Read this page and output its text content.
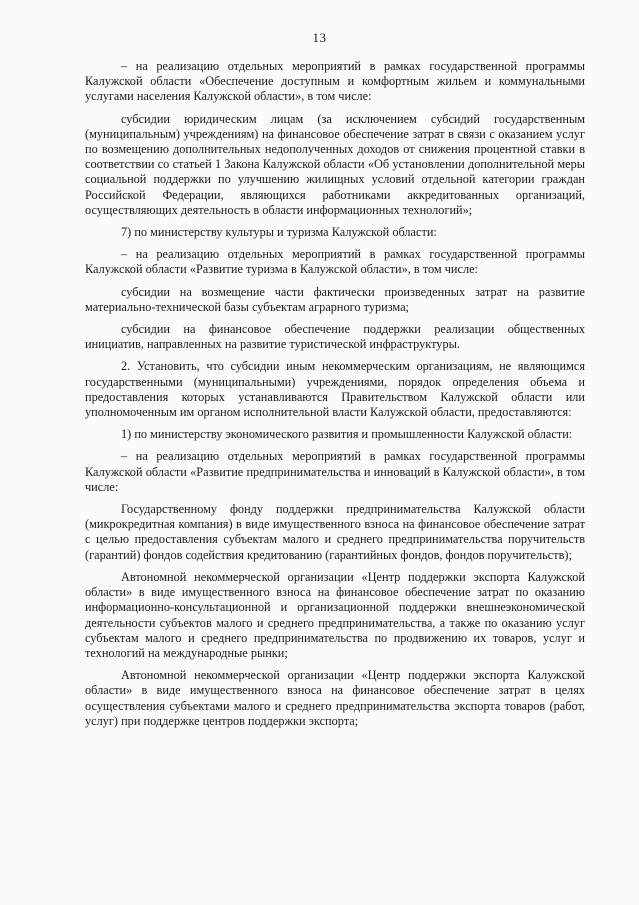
13

– на реализацию отдельных мероприятий в рамках государственной программы Калужской области «Обеспечение доступным и комфортным жильем и коммунальными услугами населения Калужской области», в том числе:

субсидии юридическим лицам (за исключением субсидий государственным (муниципальным) учреждениям) на финансовое обеспечение затрат в связи с оказанием услуг по возмещению дополнительных недополученных доходов от снижения процентной ставки в соответствии со статьей 1 Закона Калужской области «Об установлении дополнительной меры социальной поддержки по улучшению жилищных условий отдельной категории граждан Российской Федерации, являющихся работниками аккредитованных организаций, осуществляющих деятельность в области информационных технологий»;

7) по министерству культуры и туризма Калужской области:

– на реализацию отдельных мероприятий в рамках государственной программы Калужской области «Развитие туризма в Калужской области», в том числе:

субсидии на возмещение части фактически произведенных затрат на развитие материально-технической базы субъектам аграрного туризма;

субсидии на финансовое обеспечение поддержки реализации общественных инициатив, направленных на развитие туристической инфраструктуры.

2. Установить, что субсидии иным некоммерческим организациям, не являющимся государственными (муниципальными) учреждениями, порядок определения объема и предоставления которых устанавливаются Правительством Калужской области или уполномоченным им органом исполнительной власти Калужской области, предоставляются:

1) по министерству экономического развития и промышленности Калужской области:

– на реализацию отдельных мероприятий в рамках государственной программы Калужской области «Развитие предпринимательства и инноваций в Калужской области», в том числе:

Государственному фонду поддержки предпринимательства Калужской области (микрокредитная компания) в виде имущественного взноса на финансовое обеспечение затрат с целью предоставления субъектам малого и среднего предпринимательства поручительств (гарантий) фондов содействия кредитованию (гарантийных фондов, фондов поручительств);

Автономной некоммерческой организации «Центр поддержки экспорта Калужской области» в виде имущественного взноса на финансовое обеспечение затрат по оказанию информационно-консультационной и организационной поддержки внешнеэкономической деятельности субъектов малого и среднего предпринимательства, а также по оказанию услуг субъектам малого и среднего предпринимательства по продвижению их товаров, услуг и технологий на международные рынки;

Автономной некоммерческой организации «Центр поддержки экспорта Калужской области» в виде имущественного взноса на финансовое обеспечение затрат в целях осуществления субъектами малого и среднего предпринимательства экспорта товаров (работ, услуг) при поддержке центров поддержки экспорта;
